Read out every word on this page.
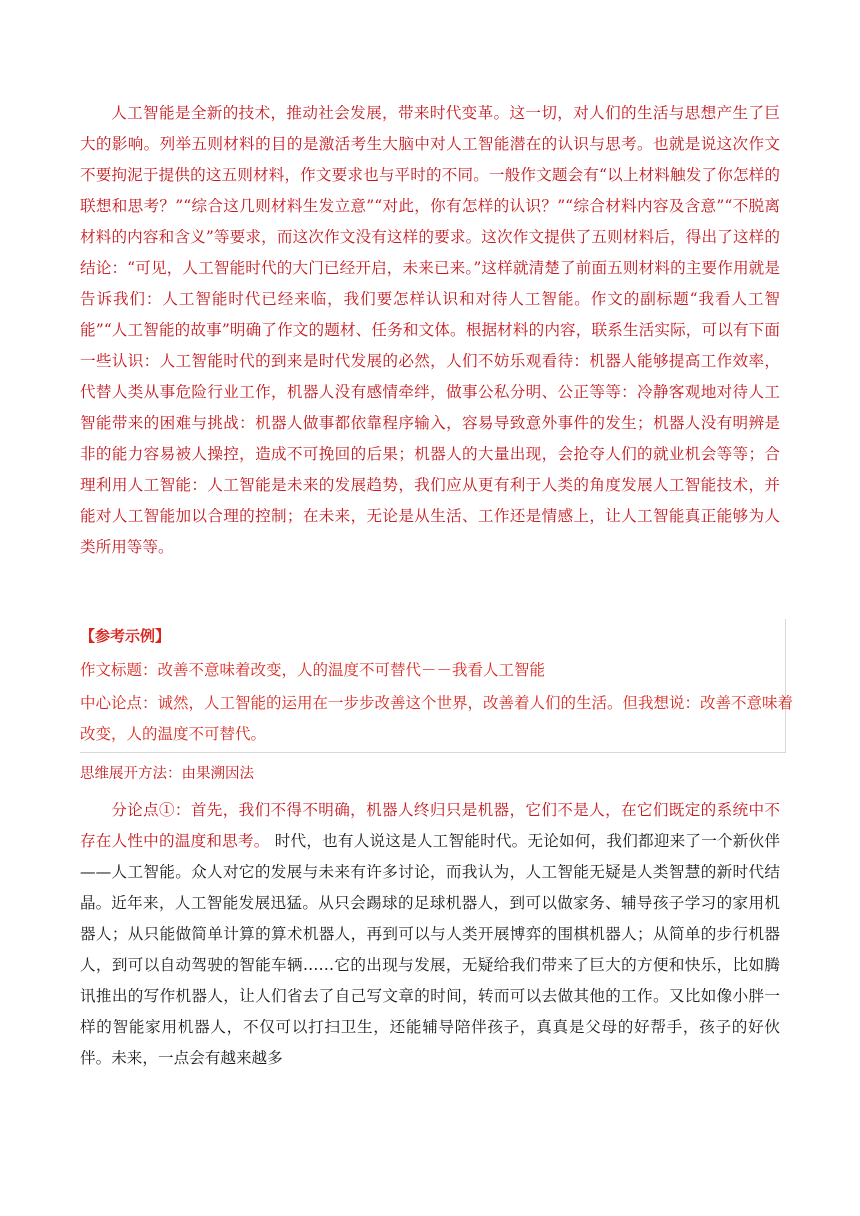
人工智能是全新的技术，推动社会发展，带来时代变革。这一切，对人们的生活与思想产生了巨大的影响。列举五则材料的目的是激活考生大脑中对人工智能潜在的认识与思考。也就是说这次作文不要拘泥于提供的这五则材料，作文要求也与平时的不同。一般作文题会有“以上材料触发了你怎样的联想和思考？”“综合这几则材料生发立意”“对此，你有怎样的认识？”“综合材料内容及含意”“不脱离材料的内容和含义”等要求，而这次作文没有这样的要求。这次作文提供了五则材料后，得出了这样的结论：“可见，人工智能时代的大门已经开启，未来已来。”这样就清楚了前面五则材料的主要作用就是告诉我们：人工智能时代已经来临，我们要怎样认识和对待人工智能。作文的副标题“我看人工智能”“人工智能的故事”明确了作文的题材、任务和文体。根据材料的内容，联系生活实际，可以有下面一些认识：人工智能时代的到来是时代发展的必然，人们不妨乐观看待：机器人能够提高工作效率，代替人类从事危险行业工作，机器人没有感情牵绊，做事公私分明、公正等等：冷静客观地对待人工智能带来的困难与挑战：机器人做事都依靠程序输入，容易导致意外事件的发生；机器人没有明辨是非的能力容易被人操控，造成不可挽回的后果；机器人的大量出现，会抢夺人们的就业机会等等；合理利用人工智能：人工智能是未来的发展趋势，我们应从更有利于人类的角度发展人工智能技术，并能对人工智能加以合理的控制；在未来，无论是从生活、工作还是情感上，让人工智能真正能够为人类所用等等。

【参考示例】
作文标题：改善不意味着改变，人的温度不可替代－－我看人工智能
中心论点：诚然，人工智能的运用在一步步改善这个世界，改善着人们的生活。但我想说：改善不意味着
改变，人的温度不可替代。

思维展开方法：由果溯因法

分论点①：首先，我们不得不明确，机器人终归只是机器，它们不是人，在它们既定的系统中不存在人性中的温度和思考。 时代，也有人说这是人工智能时代。无论如何，我们都迎来了一个新伙伴——人工智能。众人对它的发展与未来有许多讨论，而我认为，人工智能无疑是人类智慧的新时代结晶。 近年来，人工智能发展迅猛。从只会踢球的足球机器人，到可以做家务、辅导孩子学习的家用机器人；从只能做简单计算的算术机器人，再到可以与人类开展博弈的围棋机器人；从简单的步行机器人，到可以自动驾驶的智能车辆……它的出现与发展，无疑给我们带来了巨大的方便和快乐，比如腾讯推出的写作机器人，让人们省去了自己写文章的时间，转而可以去做其他的工作。又比如像小胖一样的智能家用机器人，不仅可以打扫卫生，还能辅导陪伴孩子，真真是父母的好帮手，孩子的好伙伴。未来，一点会有越来越多
